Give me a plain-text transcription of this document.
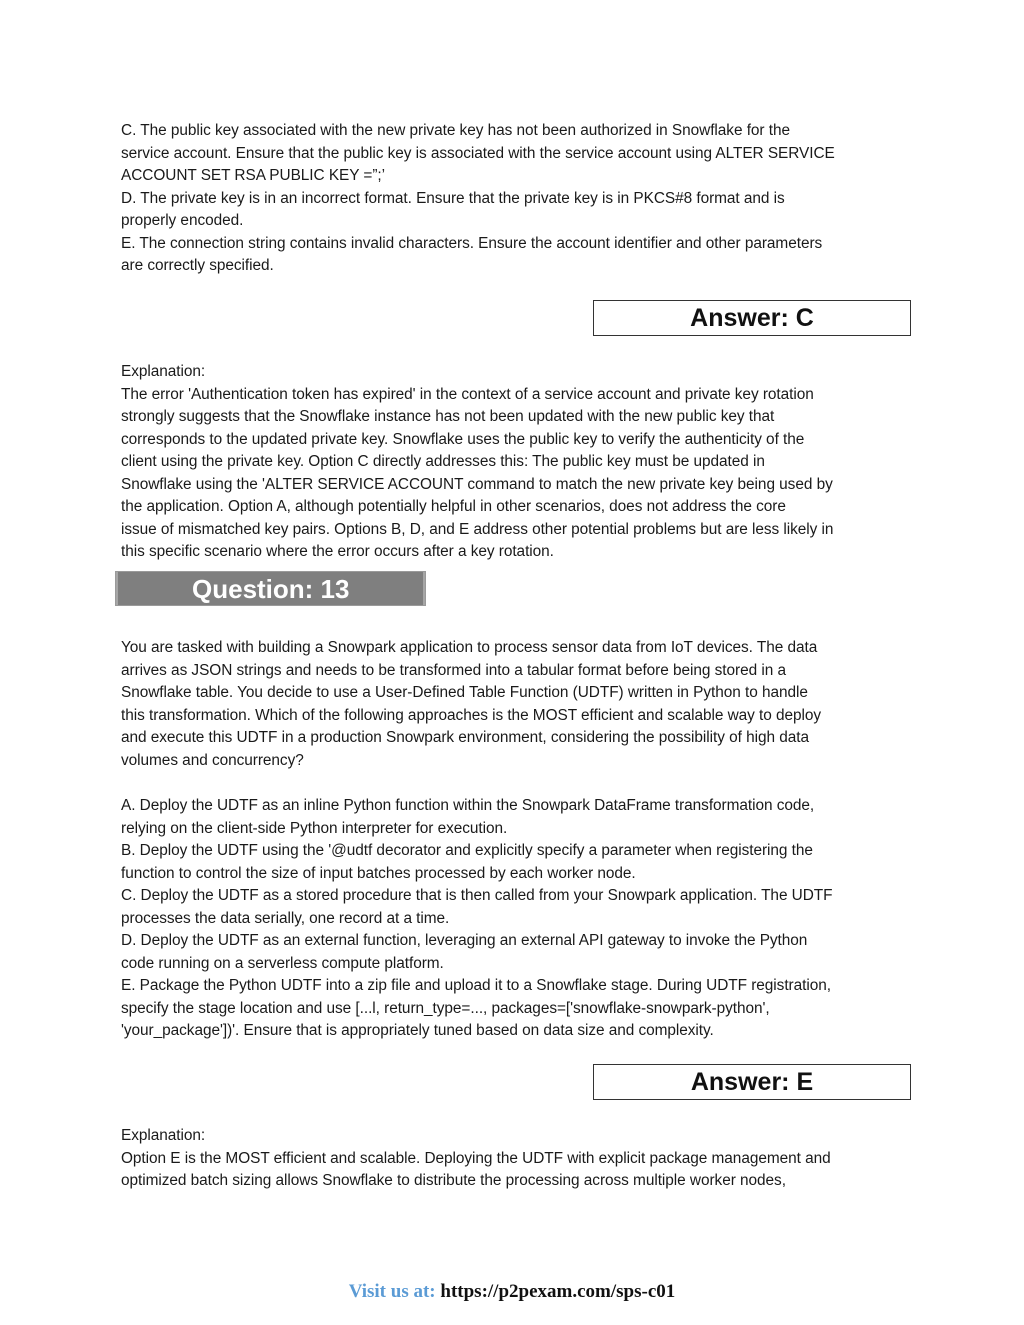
C. The public key associated with the new private key has not been authorized in Snowflake for the

service account. Ensure that the public key is associated with the service account using ALTER SERVICE

ACCOUNT SET RSA PUBLIC KEY =”;’

D. The private key is in an incorrect format. Ensure that the private key is in PKCS#8 format and is

properly encoded.

E. The connection string contains invalid characters. Ensure the account identifier and other parameters

are correctly specified.

Answer: C

Explanation:

The error 'Authentication token has expired' in the context of a service account and private key rotation

strongly suggests that the Snowflake instance has not been updated with the new public key that

corresponds to the updated private key. Snowflake uses the public key to verify the authenticity of the

client using the private key. Option C directly addresses this: The public key must be updated in

Snowflake using the 'ALTER SERVICE ACCOUNT command to match the new private key being used by

the application. Option A, although potentially helpful in other scenarios, does not address the core

issue of mismatched key pairs. Options B, D, and E address other potential problems but are less likely in

this specific scenario where the error occurs after a key rotation.

Question: 13

You are tasked with building a Snowpark application to process sensor data from IoT devices. The data

arrives as JSON strings and needs to be transformed into a tabular format before being stored in a

Snowflake table. You decide to use a User-Defined Table Function (UDTF) written in Python to handle

this transformation. Which of the following approaches is the MOST efficient and scalable way to deploy

and execute this UDTF in a production Snowpark environment, considering the possibility of high data

volumes and concurrency?

A. Deploy the UDTF as an inline Python function within the Snowpark DataFrame transformation code,

relying on the client-side Python interpreter for execution.

B. Deploy the UDTF using the '@udtf decorator and explicitly specify a parameter when registering the

function to control the size of input batches processed by each worker node.

C. Deploy the UDTF as a stored procedure that is then called from your Snowpark application. The UDTF

processes the data serially, one record at a time.

D. Deploy the UDTF as an external function, leveraging an external API gateway to invoke the Python

code running on a serverless compute platform.

E. Package the Python UDTF into a zip file and upload it to a Snowflake stage. During UDTF registration,

specify the stage location and use [...l, return_type=..., packages=['snowflake-snowpark-python',

'your_package'])'. Ensure that is appropriately tuned based on data size and complexity.

Answer: E

Explanation:

Option E is the MOST efficient and scalable. Deploying the UDTF with explicit package management and

optimized batch sizing allows Snowflake to distribute the processing across multiple worker nodes,

Visit us at: https://p2pexam.com/sps-c01
